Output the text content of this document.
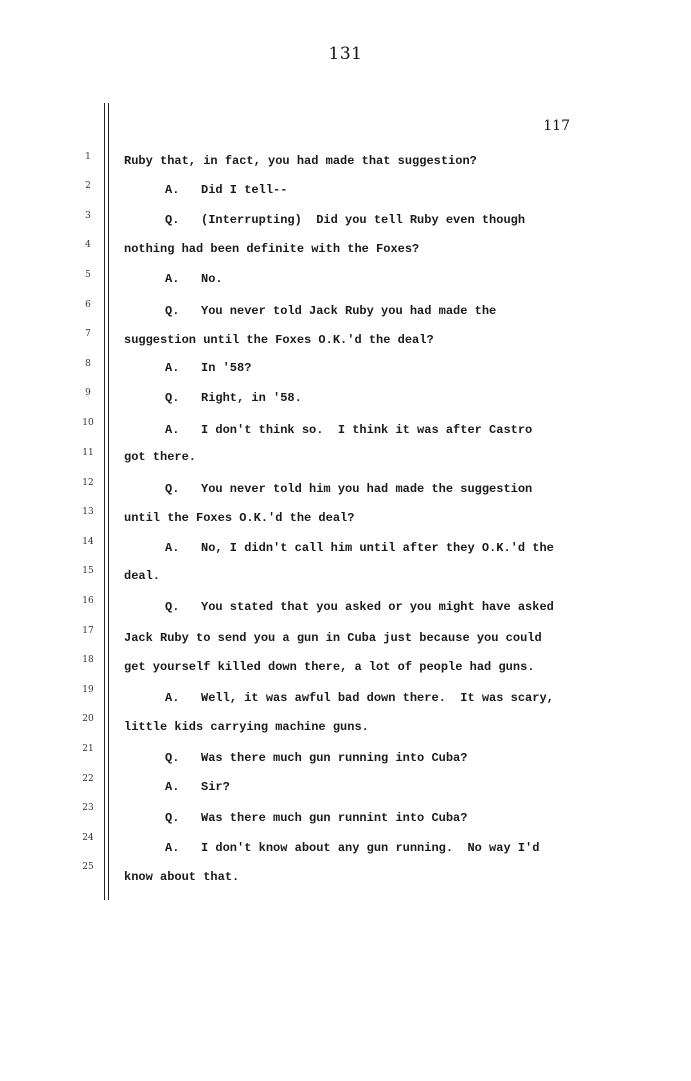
131
117
1
2
3
4
5
6
7
8
9
10
11
12
13
14
15
16
17
18
19
20
21
22
23
24
25
Ruby that, in fact, you had made that suggestion?
A.   Did I tell--
Q.   (Interrupting)  Did you tell Ruby even though
nothing had been definite with the Foxes?
A.   No.
Q.   You never told Jack Ruby you had made the
suggestion until the Foxes O.K.'d the deal?
A.   In '58?
Q.   Right, in '58.
A.   I don't think so.  I think it was after Castro
got there.
Q.   You never told him you had made the suggestion
until the Foxes O.K.'d the deal?
A.   No, I didn't call him until after they O.K.'d the
deal.
Q.   You stated that you asked or you might have asked
Jack Ruby to send you a gun in Cuba just because you could
get yourself killed down there, a lot of people had guns.
A.   Well, it was awful bad down there.  It was scary,
little kids carrying machine guns.
Q.   Was there much gun running into Cuba?
A.   Sir?
Q.   Was there much gun runnint into Cuba?
A.   I don't know about any gun running.  No way I'd
know about that.
